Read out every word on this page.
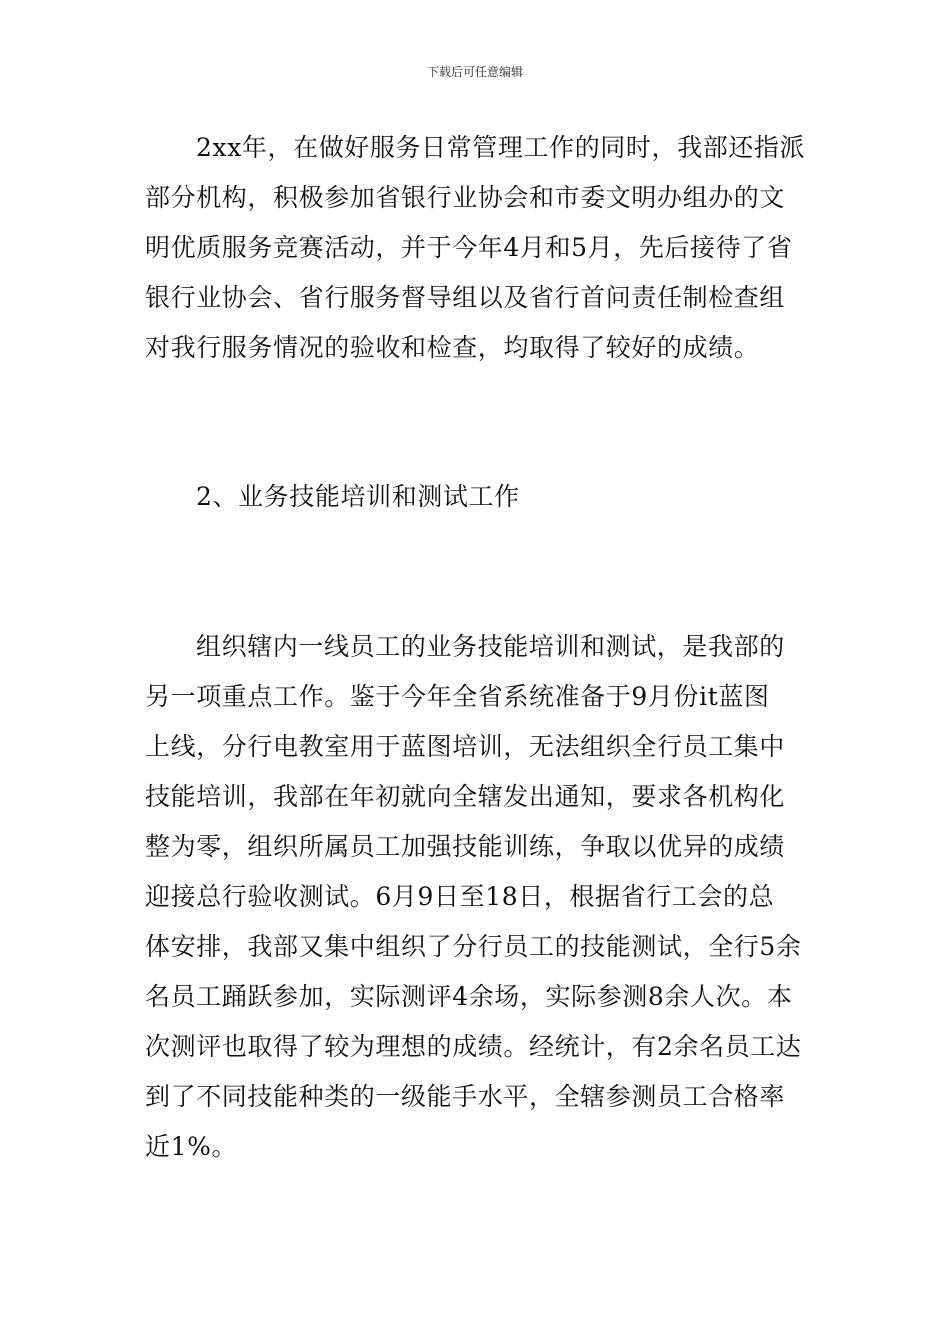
下载后可任意编辑
2xx年，在做好服务日常管理工作的同时，我部还指派
部分机构，积极参加省银行业协会和市委文明办组办的文
明优质服务竞赛活动，并于今年4月和5月，先后接待了省
银行业协会、省行服务督导组以及省行首问责任制检查组
对我行服务情况的验收和检查，均取得了较好的成绩。
2、业务技能培训和测试工作
组织辖内一线员工的业务技能培训和测试，是我部的
另一项重点工作。鉴于今年全省系统准备于9月份it蓝图
上线，分行电教室用于蓝图培训，无法组织全行员工集中
技能培训，我部在年初就向全辖发出通知，要求各机构化
整为零，组织所属员工加强技能训练，争取以优异的成绩
迎接总行验收测试。6月9日至18日，根据省行工会的总
体安排，我部又集中组织了分行员工的技能测试，全行5余
名员工踊跃参加，实际测评4余场，实际参测8余人次。本
次测评也取得了较为理想的成绩。经统计，有2余名员工达
到了不同技能种类的一级能手水平，全辖参测员工合格率
近1%。
